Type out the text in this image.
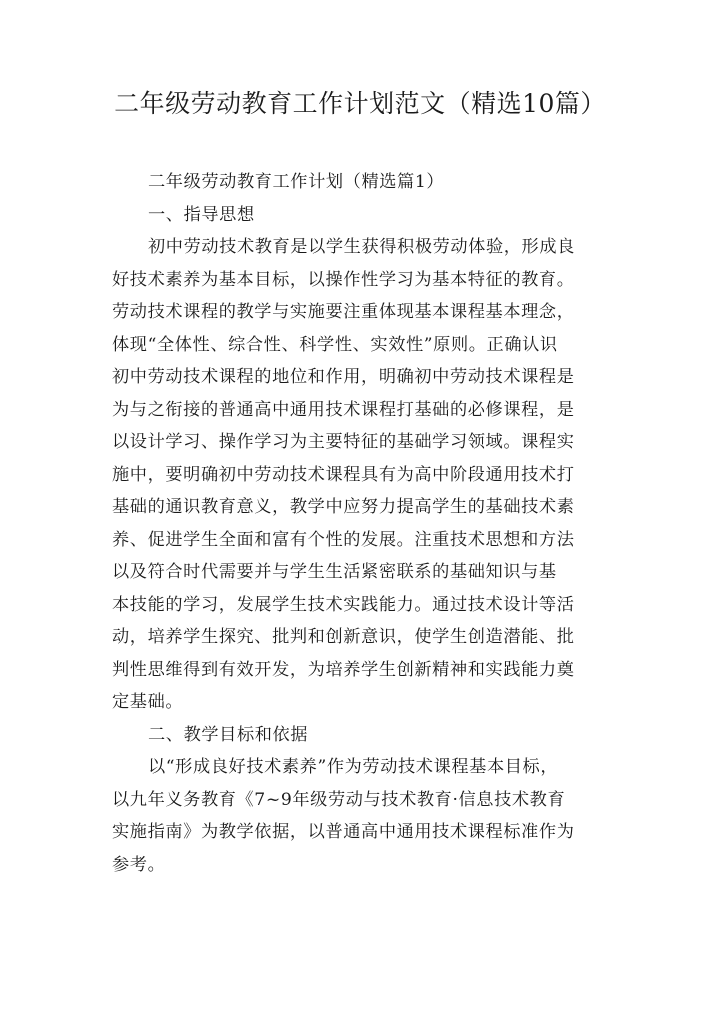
二年级劳动教育工作计划范文（精选10篇）
二年级劳动教育工作计划（精选篇1）
一、指导思想
初中劳动技术教育是以学生获得积极劳动体验，形成良
好技术素养为基本目标，以操作性学习为基本特征的教育。
劳动技术课程的教学与实施要注重体现基本课程基本理念，
体现“全体性、综合性、科学性、实效性”原则。正确认识
初中劳动技术课程的地位和作用，明确初中劳动技术课程是
为与之衔接的普通高中通用技术课程打基础的必修课程，是
以设计学习、操作学习为主要特征的基础学习领域。课程实
施中，要明确初中劳动技术课程具有为高中阶段通用技术打
基础的通识教育意义，教学中应努力提高学生的基础技术素
养、促进学生全面和富有个性的发展。注重技术思想和方法
以及符合时代需要并与学生生活紧密联系的基础知识与基
本技能的学习，发展学生技术实践能力。通过技术设计等活
动，培养学生探究、批判和创新意识，使学生创造潜能、批
判性思维得到有效开发，为培养学生创新精神和实践能力奠
定基础。
二、教学目标和依据
以“形成良好技术素养”作为劳动技术课程基本目标，
以九年义务教育《7~9年级劳动与技术教育·信息技术教育
实施指南》为教学依据，以普通高中通用技术课程标准作为
参考。
